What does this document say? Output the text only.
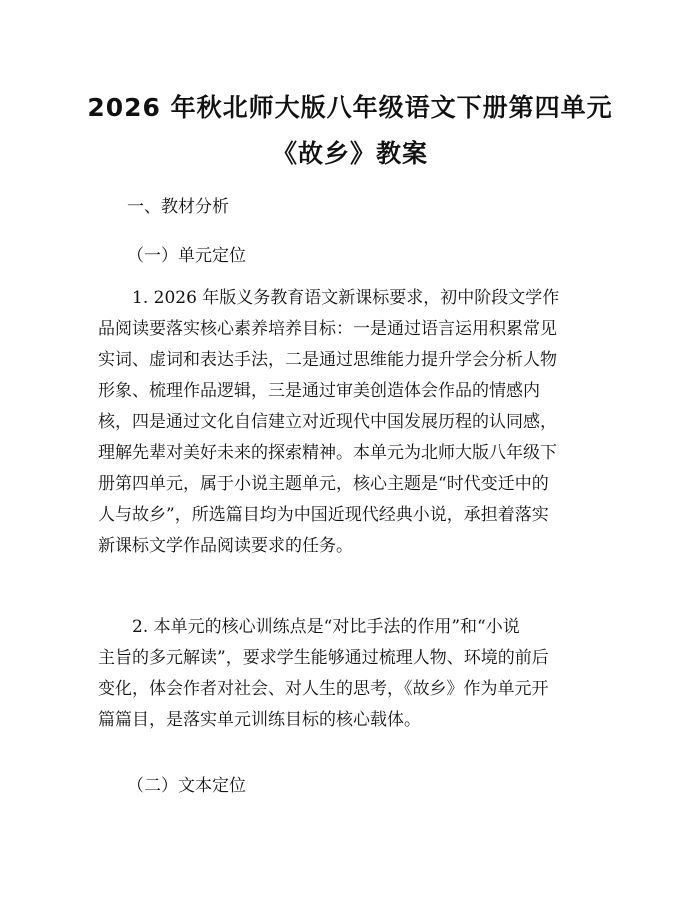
2026 年秋北师大版八年级语文下册第四单元
《故乡》教案

一、教材分析

（一）单元定位

1. 2026 年版义务教育语文新课标要求，初中阶段文学作
品阅读要落实核心素养培养目标：一是通过语言运用积累常见
实词、虚词和表达手法，二是通过思维能力提升学会分析人物
形象、梳理作品逻辑，三是通过审美创造体会作品的情感内
核，四是通过文化自信建立对近现代中国发展历程的认同感，
理解先辈对美好未来的探索精神。本单元为北师大版八年级下
册第四单元，属于小说主题单元，核心主题是“时代变迁中的
人与故乡”，所选篇目均为中国近现代经典小说，承担着落实
新课标文学作品阅读要求的任务。

2. 本单元的核心训练点是“对比手法的作用”和“小说
主旨的多元解读”，要求学生能够通过梳理人物、环境的前后
变化，体会作者对社会、对人生的思考，《故乡》作为单元开
篇篇目，是落实单元训练目标的核心载体。

（二）文本定位
